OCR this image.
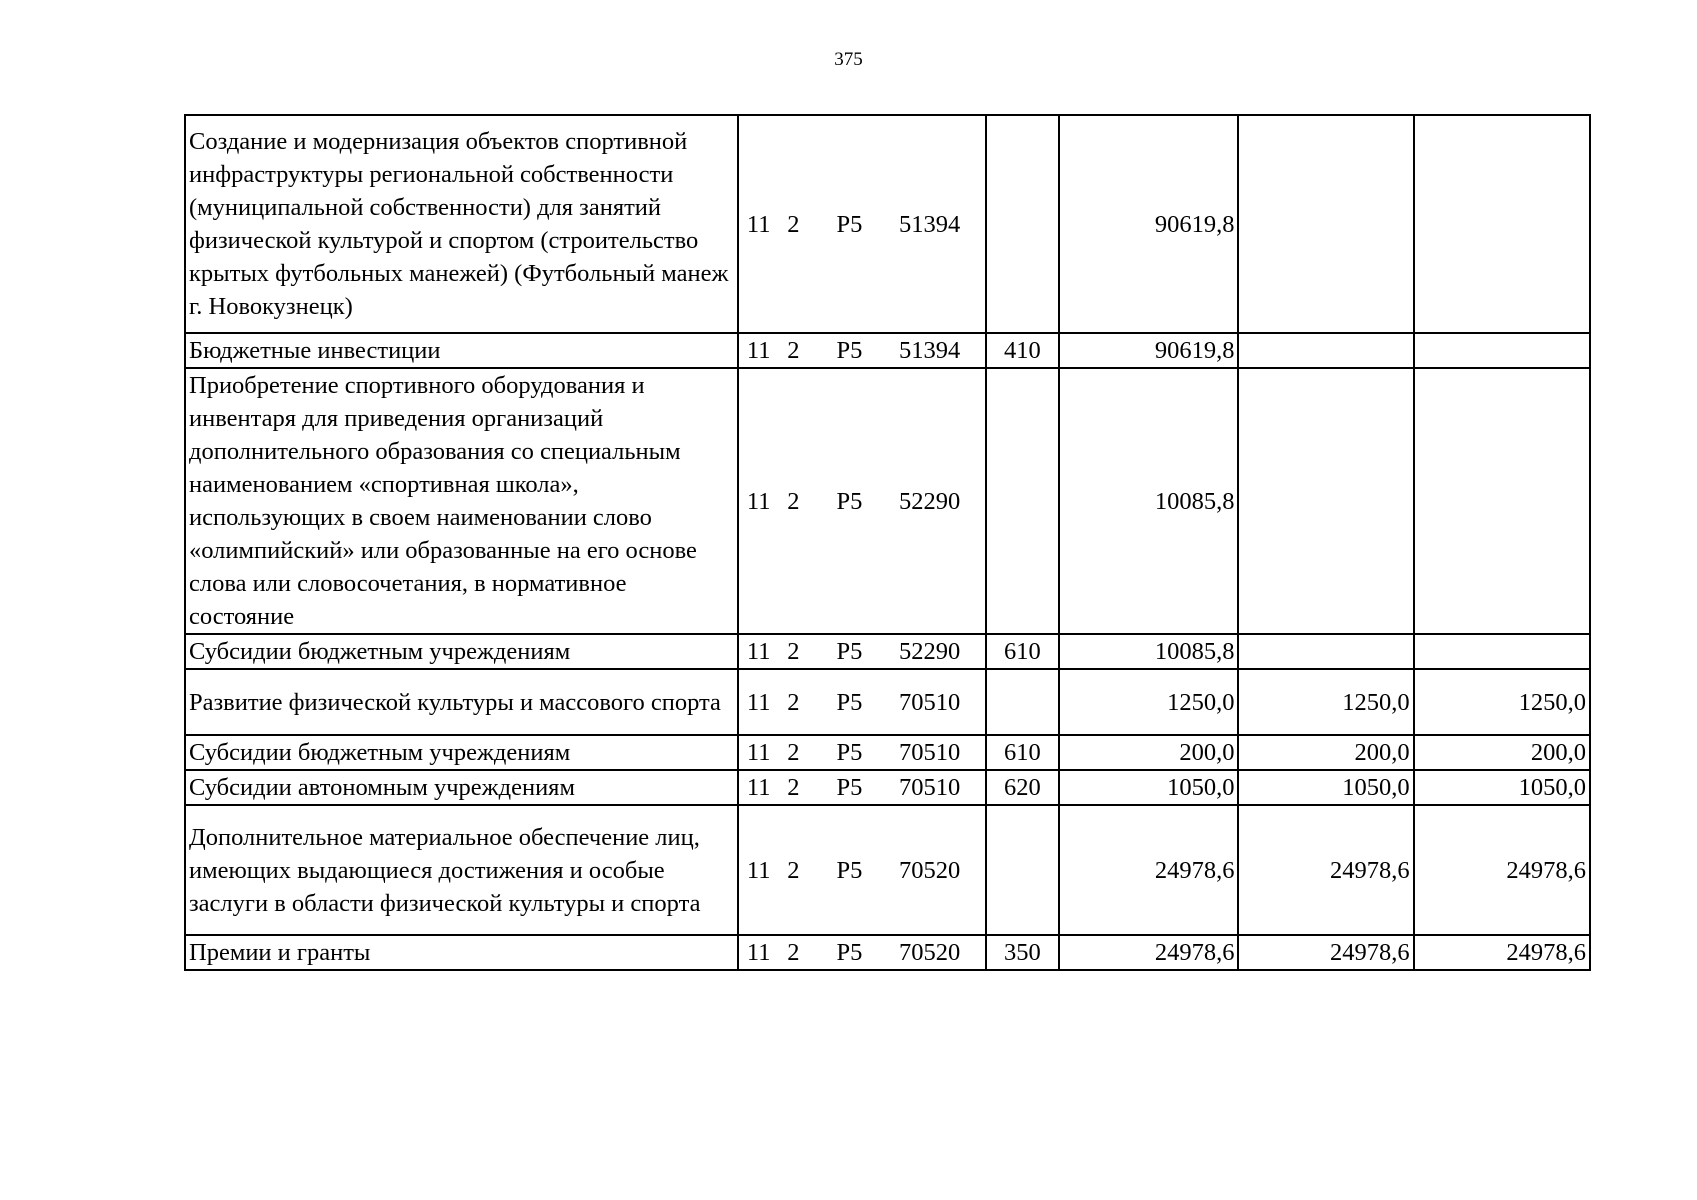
375
Создание и модернизация объектов спортивной инфраструктуры региональной собственности (муниципальной собственности) для занятий физической культурой и спортом (строительство крытых футбольных манежей) (Футбольный манеж г. Новокузнецк)	11	2	P5	51394		90619,8		
Бюджетные инвестиции	11	2	P5	51394	410	90619,8		
Приобретение спортивного оборудования и инвентаря для приведения организаций дополнительного образования со специальным наименованием «спортивная школа», использующих в своем наименовании слово «олимпийский» или образованные на его основе слова или словосочетания, в нормативное состояние	11	2	P5	52290		10085,8		
Субсидии бюджетным учреждениям	11	2	P5	52290	610	10085,8		
Развитие физической культуры и массового спорта	11	2	P5	70510		1250,0	1250,0	1250,0
Субсидии бюджетным учреждениям	11	2	P5	70510	610	200,0	200,0	200,0
Субсидии автономным учреждениям	11	2	P5	70510	620	1050,0	1050,0	1050,0
Дополнительное материальное обеспечение лиц, имеющих выдающиеся достижения и особые заслуги в области физической культуры и спорта	11	2	P5	70520		24978,6	24978,6	24978,6
Премии и гранты	11	2	P5	70520	350	24978,6	24978,6	24978,6
